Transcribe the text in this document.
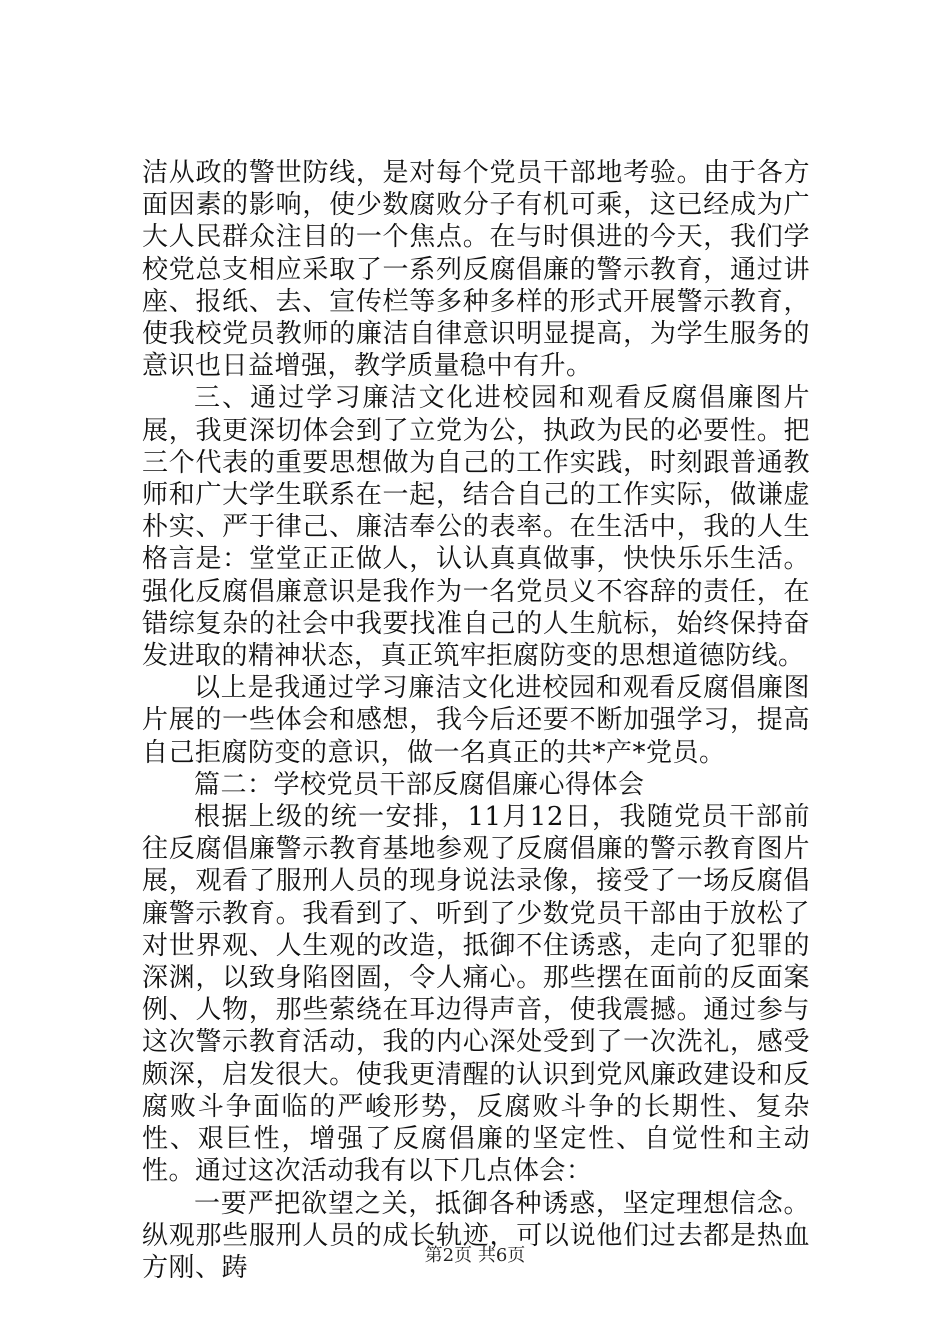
洁从政的警世防线，是对每个党员干部地考验。由于各方面因素的影响，使少数腐败分子有机可乘，这已经成为广大人民群众注目的一个焦点。在与时俱进的今天，我们学校党总支相应采取了一系列反腐倡廉的警示教育，通过讲座、报纸、去、宣传栏等多种多样的形式开展警示教育，使我校党员教师的廉洁自律意识明显提高，为学生服务的意识也日益增强，教学质量稳中有升。

三、通过学习廉洁文化进校园和观看反腐倡廉图片展，我更深切体会到了立党为公，执政为民的必要性。把三个代表的重要思想做为自己的工作实践，时刻跟普通教师和广大学生联系在一起，结合自己的工作实际，做谦虚朴实、严于律己、廉洁奉公的表率。在生活中，我的人生格言是：堂堂正正做人，认认真真做事，快快乐乐生活。强化反腐倡廉意识是我作为一名党员义不容辞的责任，在错综复杂的社会中我要找准自己的人生航标，始终保持奋发进取的精神状态，真正筑牢拒腐防变的思想道德防线。

以上是我通过学习廉洁文化进校园和观看反腐倡廉图片展的一些体会和感想，我今后还要不断加强学习，提高自己拒腐防变的意识，做一名真正的共*产*党员。

篇二：学校党员干部反腐倡廉心得体会

根据上级的统一安排，11月12日，我随党员干部前往反腐倡廉警示教育基地参观了反腐倡廉的警示教育图片展，观看了服刑人员的现身说法录像，接受了一场反腐倡廉警示教育。我看到了、听到了少数党员干部由于放松了对世界观、人生观的改造，抵御不住诱惑，走向了犯罪的深渊，以致身陷囹圄，令人痛心。那些摆在面前的反面案例、人物，那些萦绕在耳边得声音，使我震撼。通过参与这次警示教育活动，我的内心深处受到了一次洗礼，感受颇深，启发很大。使我更清醒的认识到党风廉政建设和反腐败斗争面临的严峻形势，反腐败斗争的长期性、复杂性、艰巨性，增强了反腐倡廉的坚定性、自觉性和主动性。通过这次活动我有以下几点体会：

一要严把欲望之关，抵御各种诱惑，坚定理想信念。纵观那些服刑人员的成长轨迹，可以说他们过去都是热血方刚、踌	第2页 共6页
